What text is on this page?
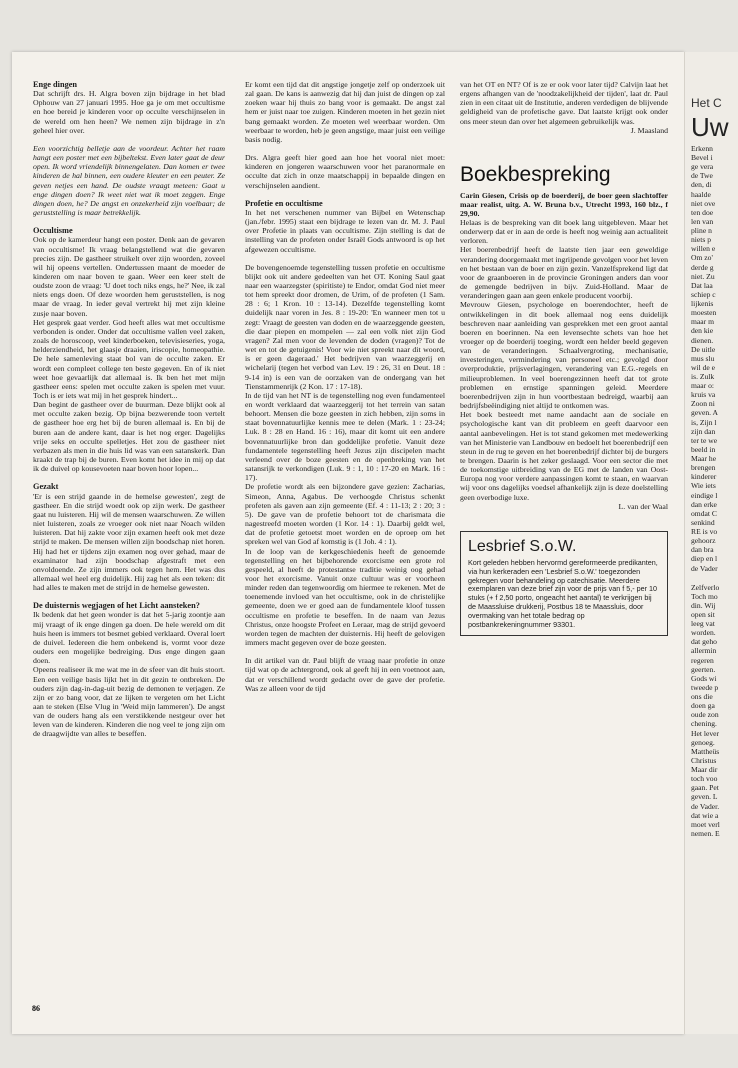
Enge dingen

Dat schrijft drs. H. Algra boven zijn bijdrage in het blad Ophouw van 27 januari 1995. Hoe ga je om met occultisme en hoe bereid je kinderen voor op occulte verschijnselen in de wereld om hen heen? We nemen zijn bijdrage in z'n geheel hier over.

Een voorzichtig belletje aan de voordeur. Achter het raam hangt een poster met een bijbeltekst. Even later gaat de deur open. Ik word vriendelijk binnengelaten. Dan komen er twee kinderen de hal binnen, een oudere kleuter en een peuter. Ze geven netjes een hand. De oudste vraagt meteen: Gaat u enge dingen doen? Ik weet niet wat ik moet zeggen. Enge dingen doen, he? De angst en onzekerheid zijn voelbaar; de geruststelling is maar betrekkelijk.

Occultisme

Ook op de kamerdeur hangt een poster. Denk aan de gevaren van occultisme! Ik vraag belangstellend wat die gevaren precies zijn. De gastheer struikelt over zijn woorden, zoveel wil hij opeens vertellen. Ondertussen maant de moeder de kinderen om naar boven te gaan. Weer een keer stelt de oudste zoon de vraag: 'U doet toch niks engs, he?' Nee, ik zal niets engs doen. Of deze woorden hem geruststellen, is nog maar de vraag. In ieder geval vertrekt hij met zijn kleine zusje naar boven.

Het gesprek gaat verder. God heeft alles wat met occultisme verbonden is onder. Onder dat occultisme vallen veel zaken, zoals de horoscoop, veel kinderboeken, televisieseries, yoga, helderziendheid, het glaasje draaien, iriscopie, homeopathie. De hele samenleving staat bol van de occulte zaken. Er wordt een compleet college ten beste gegeven. En of ik niet weet hoe gevaarlijk dat allemaal is. Ik ben het met mijn gastheer eens: spelen met occulte zaken is spelen met vuur. Toch is er iets wat mij in het gesprek hindert...

Dan begint de gastheer over de buurman. Deze blijkt ook al met occulte zaken bezig. Op bijna bezwerende toon vertelt de gastheer hoe erg het bij de buren allemaal is. En bij de buren aan de andere kant, daar is het nog erger. Dagelijks vrije seks en occulte spelletjes. Het zou de gastheer niet verbazen als men in die huis lid was van een satanskerk. Dan kraakt de trap bij de buren. Even komt het idee in mij op dat ik de duivel op kousevoeten naar boven hoor lopen...

Gezakt

'Er is een strijd gaande in de hemelse gewesten', zegt de gastheer. En die strijd woedt ook op zijn werk. De gastheer gaat nu luisteren. Hij wil de mensen waarschuwen. Ze willen niet luisteren, zoals ze vroeger ook niet naar Noach wilden luisteren. Dat hij zakte voor zijn examen heeft ook met deze strijd te maken. De mensen willen zijn boodschap niet horen. Hij had het er tijdens zijn examen nog over gehad, maar de examinator had zijn boodschap afgestraft met een onvoldoende. Ze zijn immers ook tegen hem. Het was dus allemaal wel heel erg duidelijk. Hij zag het als een teken: dit had alles te maken met de strijd in de hemelse gewesten.

De duisternis wegjagen of het Licht aansteken?

Ik bedenk dat het geen wonder is dat het 5-jarig zoontje aan mij vraagt of ik enge dingen ga doen. De hele wereld om dit huis heen is immers tot besmet gebied verklaard. Overal loert de duivel. Iedereen die hem onbekend is, vormt voor deze ouders een mogelijke bedreiging. Dus enge dingen gaan doen.

Opeens realiseer ik me wat me in de sfeer van dit huis stoort. Een een veilige basis lijkt het in dit gezin te ontbreken. De ouders zijn dag-in-dag-uit bezig de demonen te verjagen. Ze zijn er zo bang voor, dat ze lijken te vergeten om het Licht aan te steken (Else Vlug in 'Weid mijn lammeren'). De angst van de ouders hang als een verstikkende nestgeur over het leven van de kinderen. Kinderen die nog veel te jong zijn om de draagwijdte van alles te beseffen.

Er komt een tijd dat dit angstige jongetje zelf op onderzoek uit zal gaan. De kans is aanwezig dat hij dan juist de dingen op zal zoeken waar hij thuis zo bang voor is gemaakt. De angst zal hem er juist naar toe zuigen. Kinderen moeten in het gezin niet bang gemaakt worden. Ze moeten wel weerbaar worden. Om weerbaar te worden, heb je geen angstige, maar juist een veilige basis nodig.

Drs. Algra geeft hier goed aan hoe het vooral niet moet: kinderen en jongeren waarschuwen voor het paranormale en occulte dat zich in onze maatschappij in bepaalde dingen en verschijnselen aandient.

Profetie en occultisme

In het net verschenen nummer van Bijbel en Wetenschap (jan./febr. 1995) staat een bijdrage te lezen van dr. M. J. Paul over Profetie in plaats van occultisme. Zijn stelling is dat de instelling van de profeten onder Israël Gods antwoord is op het afgewezen occultisme.

De bovengenoemde tegenstelling tussen profetie en occultisme blijkt ook uit andere gedeelten van het OT. Koning Saul gaat naar een waarzegster (spiritiste) te Endor, omdat God niet meer tot hem spreekt door dromen, de Urim, of de profeten (1 Sam. 28 : 6; 1 Kron. 10 : 13-14). Dezelfde tegenstelling komt duidelijk naar voren in Jes. 8 : 19-20: 'En wanneer men tot u zegt: Vraagt de geesten van doden en de waarzeggende geesten, die daar piepen en mompelen — zal een volk niet zijn God vragen? Zal men voor de levenden de doden (vragen)? Tot de wet en tot de getuigenis! Voor wie niet spreekt naar dit woord, is er geen dageraad.' Het bedrijven van waarzeggerij en wichelarij (tegen het verbod van Lev. 19 : 26, 31 en Deut. 18 : 9-14 in) is een van de oorzaken van de ondergang van het Tienstammenrijk (2 Kon. 17 : 17-18).

In de tijd van het NT is de tegenstelling nog even fundamenteel en wordt verklaard dat waarzeggerij tot het terrein van satan behoort. Mensen die boze geesten in zich hebben, zijn soms in staat bovennatuurlijke kennis mee te delen (Mark. 1 : 23-24; Luk. 8 : 28 en Hand. 16 : 16), maar dit komt uit een andere bovennatuurlijke bron dan goddelijke profetie. Vanuit deze fundamentele tegenstelling heeft Jezus zijn discipelen macht verleend over de boze geesten en de openbreking van het satansrijk te verkondigen (Luk. 9 : 1, 10 : 17-20 en Mark. 16 : 17).

De profetie wordt als een bijzondere gave gezien: Zacharias, Simeon, Anna, Agabus. De verhoogde Christus schenkt profeten als gaven aan zijn gemeente (Ef. 4 : 11-13; 2 : 20; 3 : 5). De gave van de profetie behoort tot de charismata die nagestreefd moeten worden (1 Kor. 14 : 1). Daarbij geldt wel, dat de profetie getoetst moet worden en de oproep om het spreken wel van God af komstig is (1 Joh. 4 : 1).

In de loop van de kerkgeschiedenis heeft de genoemde tegenstelling en het bijbehorende exorcisme een grote rol gespeeld, al heeft de protestantse traditie weinig oog gehad voor het exorcisme. Vanuit onze cultuur was er voorheen minder reden dan tegenwoordig om hiermee te rekenen. Met de toenemende invloed van het occultisme, ook in de christelijke gemeente, doen we er goed aan de fundamentele kloof tussen occultisme en profetie te beseffen. In de naam van Jezus Christus, onze hoogste Profeet en Leraar, mag de strijd gevoerd worden tegen de machten der duisternis. Hij heeft de gelovigen immers macht gegeven over de boze geesten.

In dit artikel van dr. Paul blijft de vraag naar profetie in onze tijd wat op de achtergrond, ook al geeft hij in een voetnoot aan, dat er verschillend wordt gedacht over de gave der profetie. Was ze alleen voor de tijd

van het OT en NT? Of is ze er ook voor later tijd? Calvijn laat het ergens afhangen van de 'noodzakelijkheid der tijden', laat dr. Paul zien in een citaat uit de Institutie, anderen verdedigen de blijvende geldigheid van de profetische gave. Dat laatste krijgt ook onder ons meer steun dan over het algemeen gebruikelijk was.

J. Maasland

Boekbespreking

Carin Giesen, Crisis op de boerderij, de boer geen slachtoffer maar realist, uitg. A. W. Bruna b.v., Utrecht 1993, 160 blz., f 29,90.

Helaas is de bespreking van dit boek lang uitgebleven. Maar het onderwerp dat er in aan de orde is heeft nog weinig aan actualiteit verloren.

Het boerenbedrijf heeft de laatste tien jaar een geweldige verandering doorgemaakt met ingrijpende gevolgen voor het leven en het bestaan van de boer en zijn gezin. Vanzelfsprekend ligt dat voor de graanboeren in de provincie Groningen anders dan voor de gemengde bedrijven in bijv. Zuid-Holland. Maar de veranderingen gaan aan geen enkele producent voorbij.

Mevrouw Giesen, psychologe en boerendochter, heeft de ontwikkelingen in dit boek allemaal nog eens duidelijk beschreven naar aanleiding van gesprekken met een groot aantal boeren en boerinnen. Na een levensechte schets van hoe het vroeger op de boerderij toeging, wordt een helder beeld gegeven van de veranderingen. Schaalvergroting, mechanisatie, investeringen, vermindering van personeel etc.; gevolgd door overproduktie, prijsverlagingen, verandering van E.G.-regels en milieuproblemen. In veel boerengezinnen heeft dat tot grote problemen en ernstige spanningen geleid. Meerdere boerenbedrijven zijn in hun voortbestaan bedreigd, waarbij aan bedrijfsbeëindiging niet altijd te ontkomen was.

Het boek besteedt met name aandacht aan de sociale en psychologische kant van dit probleem en geeft daarvoor een aantal aanbevelingen. Het is tot stand gekomen met medewerking van het Ministerie van Landbouw en bedoelt het boerenbedrijf een steun in de rug te geven en het boerenbedrijf dichter bij de burgers te brengen. Daarin is het zeker geslaagd. Voor een sector die met de toekomstige uitbreiding van de EG met de landen van Oost-Europa nog voor verdere aanpassingen komt te staan, en waarvan wij voor ons dagelijks voedsel afhankelijk zijn is deze doelstelling geen overbodige luxe.

L. van der Waal

Lesbrief S.o.W.

Kort geleden hebben hervormd gereformeerde predikanten, via hun kerkeraden een 'Lesbrief S.o.W.' toegezonden gekregen voor behandeling op catechisatie. Meerdere exemplaren van deze brief zijn voor de prijs van f 5,- per 10 stuks (+ f 2,50 porto, ongeacht het aantal) te verkrijgen bij de Maassluise drukkerij, Postbus 18 te Maassluis, door overmaking van het totale bedrag op postbankrekeningnummer 93301.

86
Het C
Uw
Erkenn
Bevel i
ge vera
de Twe
den, di
haalde
niet ove
ten doe
len van
pline n
niets p
willen e
Om zo'
derde g
niet. Zu
Dat laa
schiep c
lijkenis
moesten
maar m
den kie
dienen.
De uitle
mus slu
wil de e
is. Zulk
maar o:
kruis va
Zoon ni
geven. A
is, Zijn l
zijn dan
ter te we
beeld in
Maar he
brengen
kinderer
Wie iets
eindige l
dan erke
omdat C
senkind
RE is vo
gehoorz
dan bra
diep en l
de Vader
Zelfverlo
Toch mo
din. Wij
open sit
leeg vat
worden.
dat geho
allermin
regeren
geerten.
Gods wi
tweede p
ons die
doen ga
oude zon
chening.
Het lever
genoeg.
Mattheüs
Christus
Maar dir
toch voo
gaan. Pet
geven. L
de Vader.
dat wie a
moet verl
nemen. E
